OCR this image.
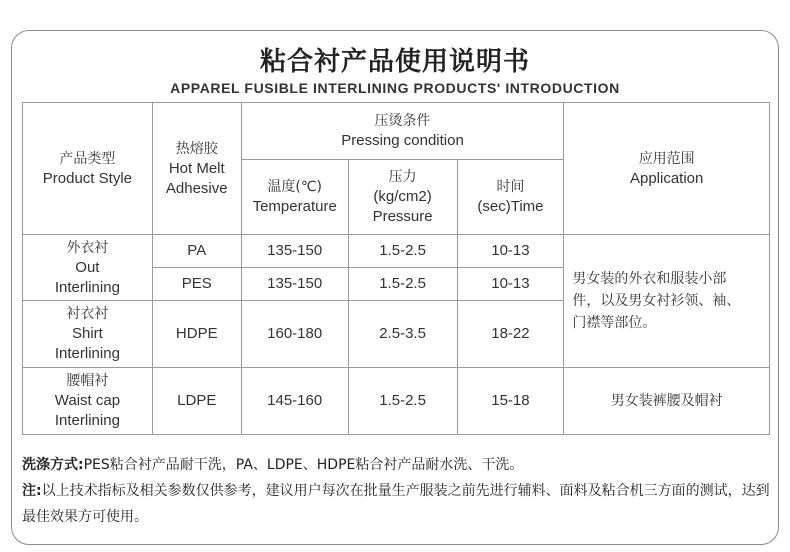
粘合衬产品使用说明书
APPAREL FUSIBLE INTERLINING PRODUCTS' INTRODUCTION
产品类型
Product Style	热熔胶
Hot Melt
Adhesive	压烫条件
Pressing condition			应用范围
Application

		温度(℃)
Temperature	压力
(kg/cm2)
Pressure	时间
(sec)Time	

外衣衬
Out
Interlining	PA	135-150	1.5-2.5	10-13	男女装的外衣和服装小部件，以及男女衬衫领、袖、门襟等部位。
	PES	135-150	1.5-2.5	10-13	

衬衣衬
Shirt
Interlining	HDPE	160-180	2.5-3.5	18-22	

腰帽衬
Waist cap
Interlining	LDPE	145-160	1.5-2.5	15-18	男女装裤腰及帽衬

洗涤方式:PES粘合衬产品耐干洗，PA、LDPE、HDPE粘合衬产品耐水洗、干洗。

注:以上技术指标及相关参数仅供参考，建议用户每次在批量生产服装之前先进行辅料、面料及粘合机三方面的测试，达到最佳效果方可使用。
